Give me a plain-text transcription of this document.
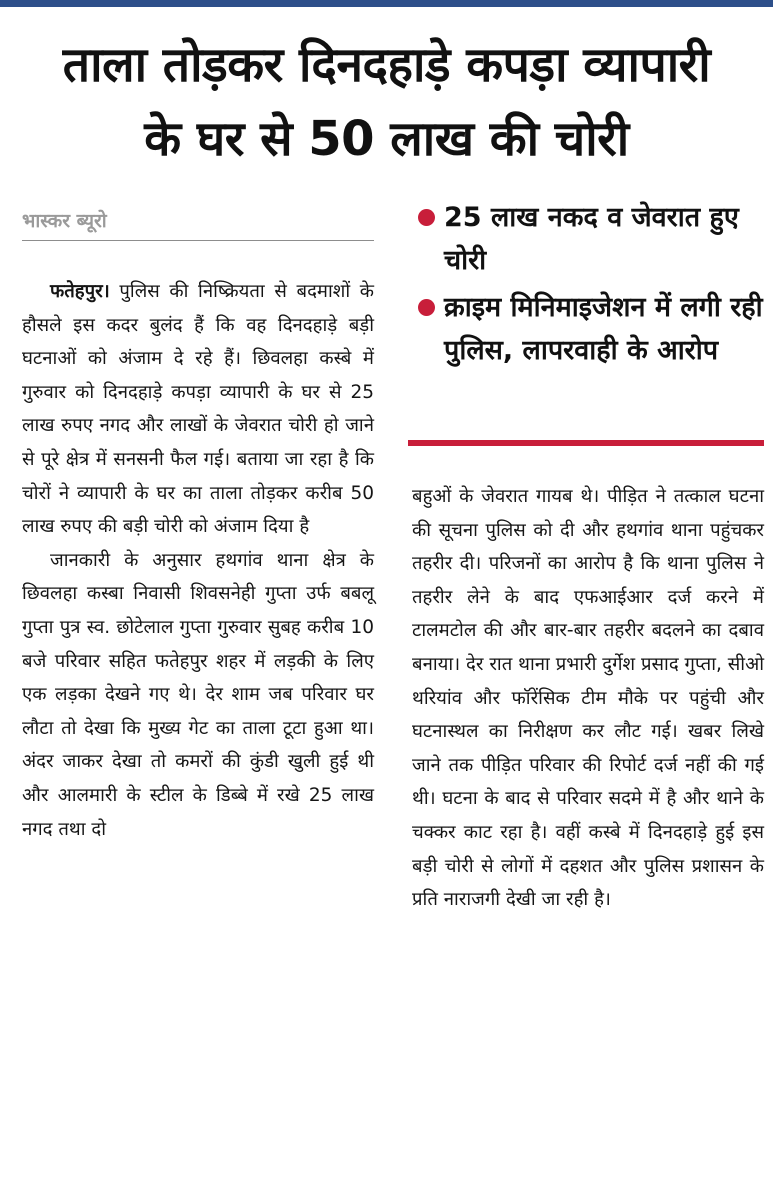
ताला तोड़कर दिनदहाड़े कपड़ा व्यापारी
के घर से 50 लाख की चोरी
भास्कर ब्यूरो	25 लाख नकद व जेवरात हुए चोरी
क्राइम मिनिमाइजेशन में लगी रही पुलिस, लापरवाही के आरोप

फतेहपुर। पुलिस की निष्क्रियता से बदमाशों के हौसले इस कदर बुलंद हैं कि वह दिनदहाड़े बड़ी घटनाओं को अंजाम दे रहे हैं। छिवलहा कस्बे में गुरुवार को दिनदहाड़े कपड़ा व्यापारी के घर से 25 लाख रुपए नगद और लाखों के जेवरात चोरी हो जाने से पूरे क्षेत्र में सनसनी फैल गई। बताया जा रहा है कि चोरों ने व्यापारी के घर का ताला तोड़कर करीब 50 लाख रुपए की बड़ी चोरी को अंजाम दिया है

जानकारी के अनुसार हथगांव थाना क्षेत्र के छिवलहा कस्बा निवासी शिवसनेही गुप्ता उर्फ बबलू गुप्ता पुत्र स्व. छोटेलाल गुप्ता गुरुवार सुबह करीब 10 बजे परिवार सहित फतेहपुर शहर में लड़की के लिए एक लड़का देखने गए थे। देर शाम जब परिवार घर लौटा तो देखा कि मुख्य गेट का ताला टूटा हुआ था। अंदर जाकर देखा तो कमरों की कुंडी खुली हुई थी और आलमारी के स्टील के डिब्बे में रखे 25 लाख नगद तथा दो

बहुओं के जेवरात गायब थे। पीड़ित ने तत्काल घटना की सूचना पुलिस को दी और हथगांव थाना पहुंचकर तहरीर दी। परिजनों का आरोप है कि थाना पुलिस ने तहरीर लेने के बाद एफआईआर दर्ज करने में टालमटोल की और बार-बार तहरीर बदलने का दबाव बनाया। देर रात थाना प्रभारी दुर्गेश प्रसाद गुप्ता, सीओ थरियांव और फॉरेंसिक टीम मौके पर पहुंची और घटनास्थल का निरीक्षण कर लौट गई। खबर लिखे जाने तक पीड़ित परिवार की रिपोर्ट दर्ज नहीं की गई थी। घटना के बाद से परिवार सदमे में है और थाने के चक्कर काट रहा है। वहीं कस्बे में दिनदहाड़े हुई इस बड़ी चोरी से लोगों में दहशत और पुलिस प्रशासन के प्रति नाराजगी देखी जा रही है।
